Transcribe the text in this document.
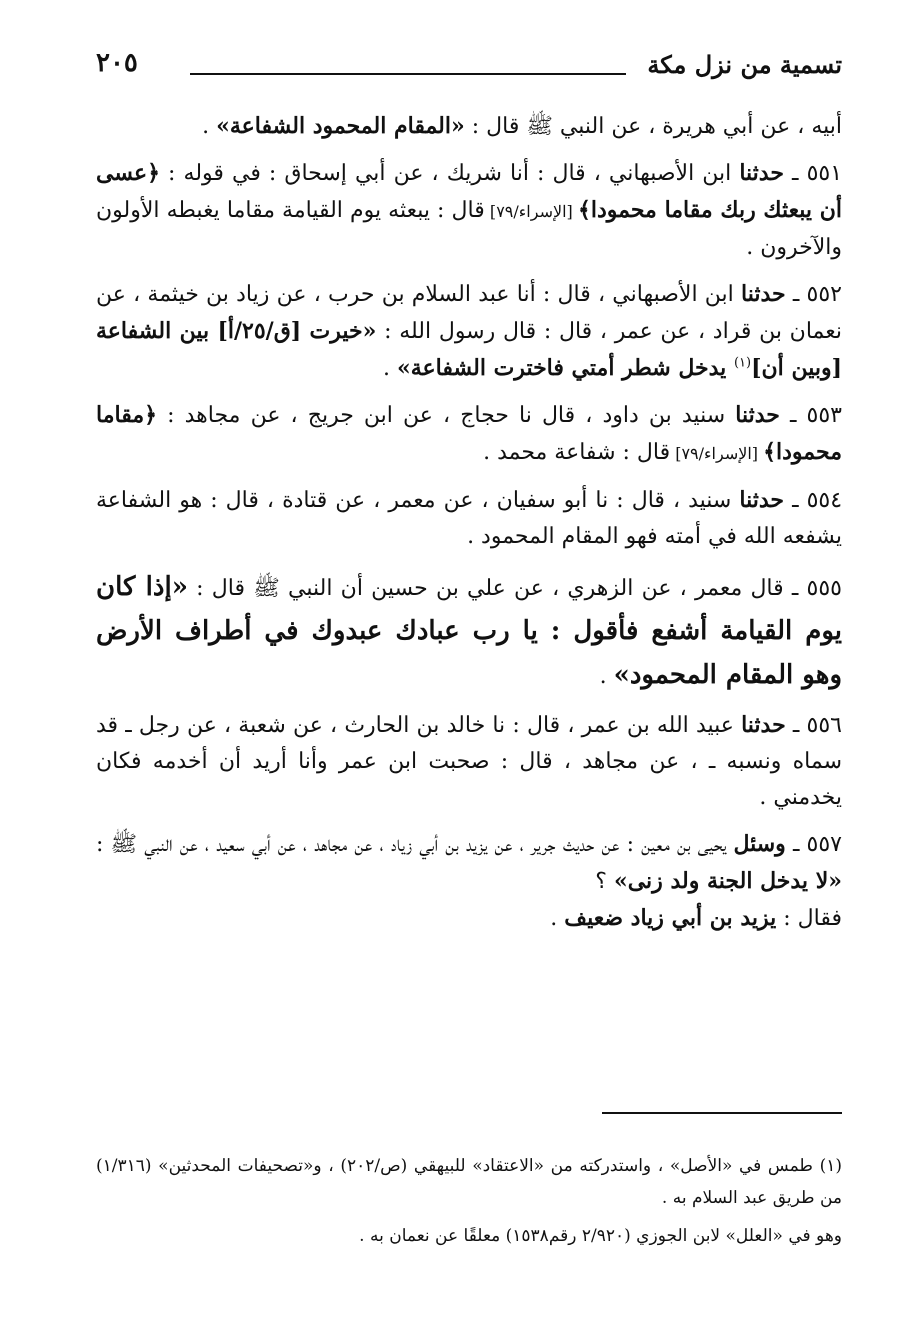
تسمية من نزل مكة
٢٠٥

أبيه ، عن أبي هريرة ، عن النبي ﷺ قال : «المقام المحمود الشفاعة» .

٥٥١ ـ حدثنا ابن الأصبهاني ، قال : أنا شريك ، عن أبي إسحاق : في قوله : ﴿عسى أن يبعثك ربك مقاما محمودا﴾ [الإسراء/٧٩] قال : يبعثه يوم القيامة مقاما يغبطه الأولون والآخرون .

٥٥٢ ـ حدثنا ابن الأصبهاني ، قال : أنا عبد السلام بن حرب ، عن زياد بن خيثمة ، عن نعمان بن قراد ، عن عمر ، قال : قال رسول الله : «خيرت [ق/٢٥/أ] بين الشفاعة [وبين أن]$^{(١)}$ يدخل شطر أمتي فاخترت الشفاعة» .

٥٥٣ ـ حدثنا سنيد بن داود ، قال نا حجاج ، عن ابن جريج ، عن مجاهد : ﴿مقاما محمودا﴾ [الإسراء/٧٩] قال : شفاعة محمد .

٥٥٤ ـ حدثنا سنيد ، قال : نا أبو سفيان ، عن معمر ، عن قتادة ، قال : هو الشفاعة يشفعه الله في أمته فهو المقام المحمود .

٥٥٥ ـ قال معمر ، عن الزهري ، عن علي بن حسين أن النبي ﷺ قال : «إذا كان يوم القيامة أشفع فأقول : يا رب عبادك عبدوك في أطراف الأرض وهو المقام المحمود» .

٥٥٦ ـ حدثنا عبيد الله بن عمر ، قال : نا خالد بن الحارث ، عن شعبة ، عن رجل ـ قد سماه ونسبه ـ ، عن مجاهد ، قال : صحبت ابن عمر وأنا أريد أن أخدمه فكان يخدمني .

٥٥٧ ـ وسئل يحيى بن معين : عن حديث جرير ، عن يزيد بن أبي زياد ، عن مجاهد ، عن أبي سعيد ، عن النبي ﷺ : «لا يدخل الجنة ولد زنى» ؟
فقال : يزيد بن أبي زياد ضعيف .

(١) طمس في «الأصل» ، واستدركته من «الاعتقاد» للبيهقي (ص/٢٠٢) ، و«تصحيفات المحدثين» (١/٣١٦) من طريق عبد السلام به .

وهو في «العلل» لابن الجوزي (٢/٩٢٠ رقم١٥٣٨) معلقًا عن نعمان به .
